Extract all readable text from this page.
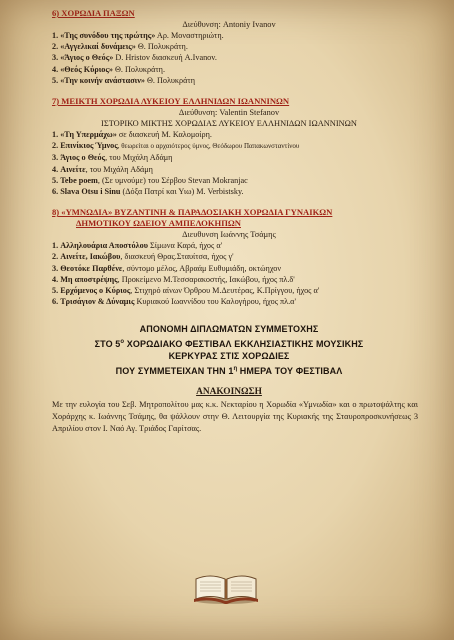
6) ΧΟΡΩΔΙΑ ΠΑΞΩΝ

Διεύθυνση: Antoniy Ivanov

1. «Της συνόδου της πρώτης» Αρ. Μοναστηριώτη.
2. «Αγγελικαί δυνάμεις» Θ. Πολυκράτη.
3. «Άγιος ο Θεός» D. Hristov διασκευή A.Ivanov.
4. «Θεός Κύριος» Θ. Πολυκράτη.
5. «Την κοινήν ανάστασιν» Θ. Πολυκράτη

7) ΜΕΙΚΤΗ ΧΟΡΩΔΙΑ ΛΥΚΕΙΟΥ ΕΛΛΗΝΙΔΩΝ ΙΩΑΝΝΙΝΩΝ

Διεύθυνση: Valentin Stefanov

ΙΣΤΟΡΙΚΟ ΜΙΚΤΗΣ ΧΟΡΩΔΙΑΣ ΛΥΚΕΙΟΥ ΕΛΛΗΝΙΔΩΝ ΙΩΑΝΝΙΝΩΝ

1. «Τη Υπερμάχω» σε διασκευή Μ. Καλομοίρη.
2. Επινίκιος Ύμνος, θεωρείται ο αρχαιότερος ύμνος, Θεόδωρου Παπακωνσταντίνου
3. Άγιος ο Θεός, του Μιχάλη Αδάμη
4. Αινείτε, του Μιχάλη Αδάμη
5. Tebe poem, (Σε υμνούμε) του Σέρβου Stevan Mokranjac
6. Slava Otsu i Sinu (Δόξα Πατρί και Υιω) M. Verbistsky.

8) «ΥΜΝΩΔΙΑ» ΒΥΖΑΝΤΙΝΗ & ΠΑΡΑΔΟΣΙΑΚΗ ΧΟΡΩΔΙΑ ΓΥΝΑΙΚΩΝ
ΔΗΜΟΤΙΚΟΥ ΩΔΕΙΟΥ ΑΜΠΕΛΟΚΗΠΩΝ

Διευθυνση Ιωάννης Τσάμης

1. Αλληλουάρια Αποστόλου Σίμωνα Καρά, ήχος α'
2. Αινείτε, Ιακώβου, διασκευή Θρας.Σταυίτσα, ήχος γ'
3. Θεοτόκε Παρθένε, σύντομο μέλος, Αβραάμ Ευθυμιάδη, οκτώηχον
4. Μη αποστρέψης, Προκείμενο Μ.Τεσσαρακοστής, Ιακώβου, ήχος πλ.δ'
5. Ερχόμενος ο Κύριος, Στιχηρό αίνων Όρθρου Μ.Δευτέρας, Κ.Πρίγγου, ήχος α'
6. Τρισάγιον & Δύναμις Κυριακού Ιωαννίδου του Καλογήρου, ήχος πλ.α'

ΑΠΟΝΟΜΗ ΔΙΠΛΩΜΑΤΩΝ ΣΥΜΜΕΤΟΧΗΣ

ΣΤΟ $5^o$ ΧΟΡΩΔΙΑΚΟ ΦΕΣΤΙΒΑΛ ΕΚΚΛΗΣΙΑΣΤΙΚΗΣ ΜΟΥΣΙΚΗΣ

ΚΕΡΚΥΡΑΣ ΣΤΙΣ ΧΟΡΩΔΙΕΣ

ΠΟΥ ΣΥΜΜΕΤΕΙΧΑΝ ΤΗΝ $1^\eta$ ΗΜΕΡΑ ΤΟΥ ΦΕΣΤΙΒΑΛ

ΑΝΑΚΟΙΝΩΣΗ

Με την ευλογία του Σεβ. Μητροπολίτου μας κ.κ. Νεκταρίου η Χορωδία «Υμνωδία» και ο πρωτοψάλτης και Χοράρχης κ. Ιωάννης Τσάμης, θα ψάλλουν στην Θ. Λειτουργία της Κυριακής της Σταυροπροσκυνήσεως 3 Απριλίου στον Ι. Ναό Αγ. Τριάδος Γαρίτσας.
